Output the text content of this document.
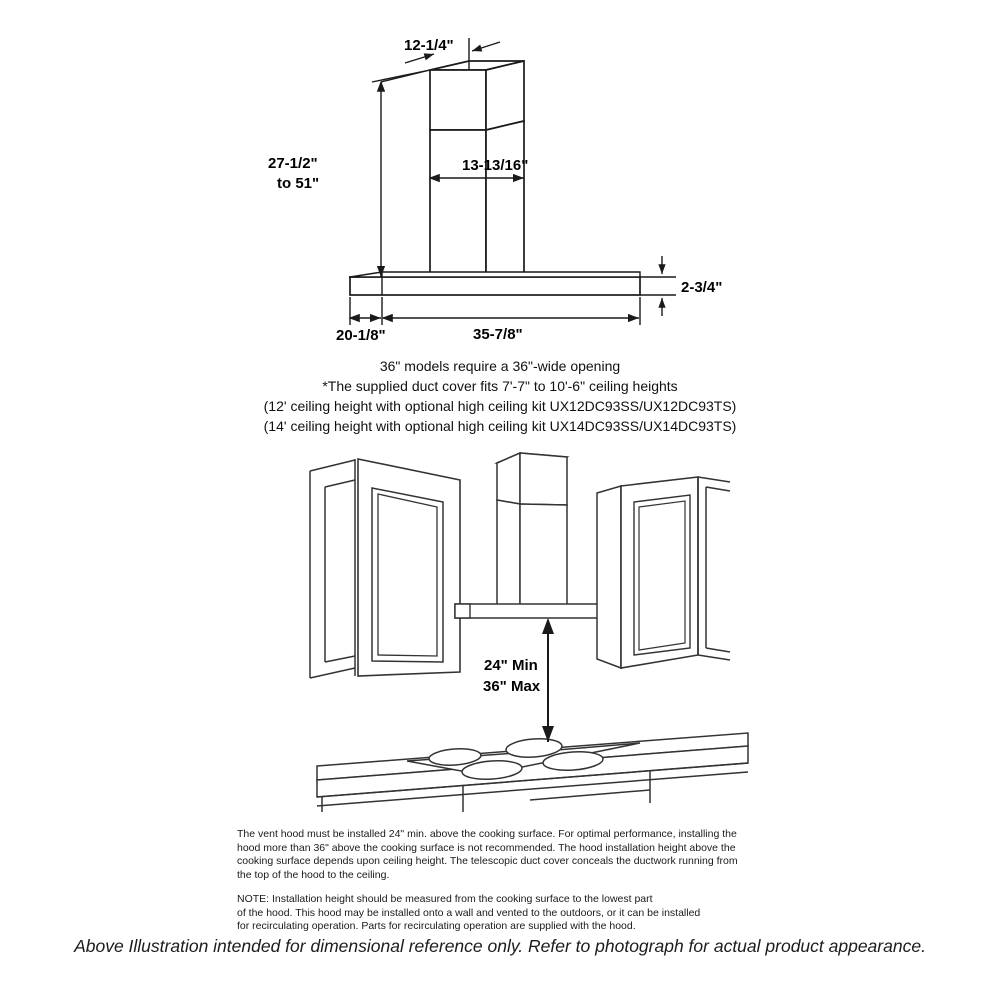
12-1/4"
27-1/2"
to 51"
13-13/16"
2-3/4"
20-1/8"	35-7/8"
36" models require a 36"-wide opening
*The supplied duct cover fits 7'-7" to 10'-6" ceiling heights
(12' ceiling height with optional high ceiling kit UX12DC93SS/UX12DC93TS)
(14' ceiling height with optional high ceiling kit UX14DC93SS/UX14DC93TS)
24" Min
36" Max
The vent hood must be installed 24" min. above the cooking surface. For optimal performance, installing the
hood more than 36" above the cooking surface is not recommended. The hood installation height above the
cooking surface depends upon ceiling height. The telescopic duct cover conceals the ductwork running from
the top of the hood to the ceiling.
NOTE: Installation height should be measured from the cooking surface to the lowest part
of the hood. This hood may be installed onto a wall and vented to the outdoors, or it can be installed
for recirculating operation. Parts for recirculating operation are supplied with the hood.
Above Illustration intended for dimensional reference only. Refer to photograph for actual product appearance.
